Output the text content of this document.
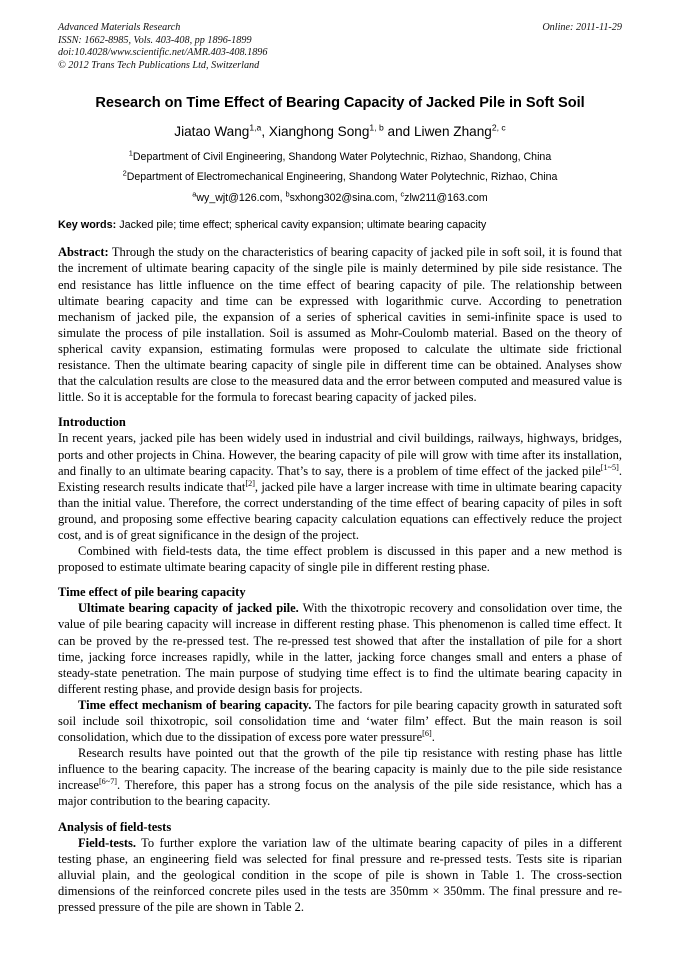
Advanced Materials Research
ISSN: 1662-8985, Vols. 403-408, pp 1896-1899
doi:10.4028/www.scientific.net/AMR.403-408.1896
© 2012 Trans Tech Publications Ltd, Switzerland
Online: 2011-11-29
Research on Time Effect of Bearing Capacity of Jacked Pile in Soft Soil
Jiatao Wang$^{1,a}$, Xianghong Song$^{1, b}$ and Liwen Zhang$^{2, c}$
$^1$Department of Civil Engineering, Shandong Water Polytechnic, Rizhao, Shandong, China
$^2$Department of Electromechanical Engineering, Shandong Water Polytechnic, Rizhao, China
$^a$wy_wjt@126.com, $^b$sxhong302@sina.com, $^c$zlw211@163.com
Key words: Jacked pile; time effect; spherical cavity expansion; ultimate bearing capacity
Abstract: Through the study on the characteristics of bearing capacity of jacked pile in soft soil, it is found that the increment of ultimate bearing capacity of the single pile is mainly determined by pile side resistance. The end resistance has little influence on the time effect of bearing capacity of pile. The relationship between ultimate bearing capacity and time can be expressed with logarithmic curve. According to penetration mechanism of jacked pile, the expansion of a series of spherical cavities in semi-infinite space is used to simulate the process of pile installation. Soil is assumed as Mohr-Coulomb material. Based on the theory of spherical cavity expansion, estimating formulas were proposed to calculate the ultimate side frictional resistance. Then the ultimate bearing capacity of single pile in different time can be obtained. Analyses show that the calculation results are close to the measured data and the error between computed and measured value is little. So it is acceptable for the formula to forecast bearing capacity of jacked piles.
Introduction

In recent years, jacked pile has been widely used in industrial and civil buildings, railways, highways, bridges, ports and other projects in China. However, the bearing capacity of pile will grow with time after its installation, and finally to an ultimate bearing capacity. That’s to say, there is a problem of time effect of the jacked pile[1~5]. Existing research results indicate that[2], jacked pile have a larger increase with time in ultimate bearing capacity than the initial value. Therefore, the correct understanding of the time effect of bearing capacity of piles in soft ground, and proposing some effective bearing capacity calculation equations can effectively reduce the project cost, and is of great significance in the design of the project.

Combined with field-tests data, the time effect problem is discussed in this paper and a new method is proposed to estimate ultimate bearing capacity of single pile in different resting phase.

Time effect of pile bearing capacity

Ultimate bearing capacity of jacked pile. With the thixotropic recovery and consolidation over time, the value of pile bearing capacity will increase in different resting phase. This phenomenon is called time effect. It can be proved by the re-pressed test. The re-pressed test showed that after the installation of pile for a short time, jacking force increases rapidly, while in the latter, jacking force changes small and enters a phase of steady-state penetration. The main purpose of studying time effect is to find the ultimate bearing capacity in different resting phase, and provide design basis for projects.

Time effect mechanism of bearing capacity. The factors for pile bearing capacity growth in saturated soft soil include soil thixotropic, soil consolidation time and ‘water film’ effect. But the main reason is soil consolidation, which due to the dissipation of excess pore water pressure[6].

Research results have pointed out that the growth of the pile tip resistance with resting phase has little influence to the bearing capacity. The increase of the bearing capacity is mainly due to the pile side resistance increase[6~7]. Therefore, this paper has a strong focus on the analysis of the pile side resistance, which has a major contribution to the bearing capacity.

Analysis of field-tests

Field-tests. To further explore the variation law of the ultimate bearing capacity of piles in a different testing phase, an engineering field was selected for final pressure and re-pressed tests. Tests site is riparian alluvial plain, and the geological condition in the scope of pile is shown in Table 1. The cross-section dimensions of the reinforced concrete piles used in the tests are 350mm × 350mm. The final pressure and re-pressed pressure of the pile are shown in Table 2.
